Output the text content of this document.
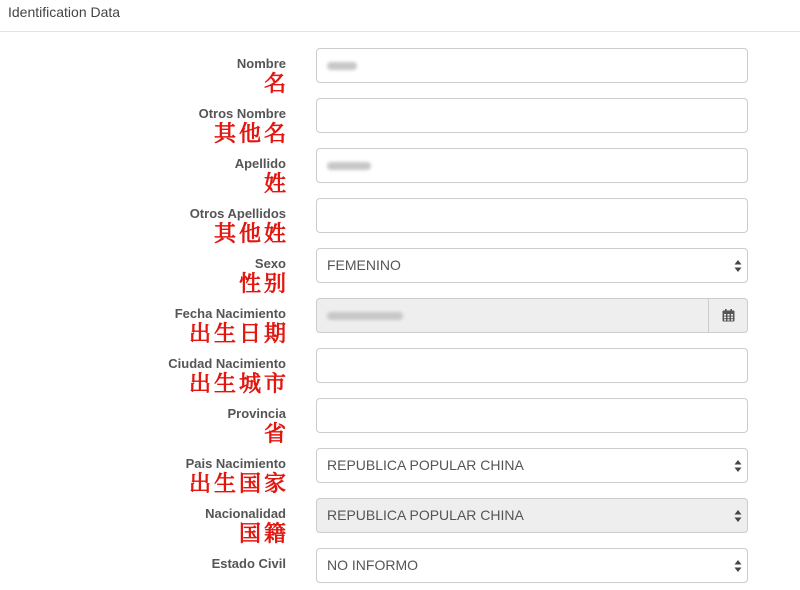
Identification Data
Nombre
名
Otros Nombre
其他名
Apellido
姓
Otros Apellidos
其他姓
Sexo
性别
FEMENINO
Fecha Nacimiento
出生日期
Ciudad Nacimiento
出生城市
Provincia
省
Pais Nacimiento
出生国家
REPUBLICA POPULAR CHINA
Nacionalidad
国籍
REPUBLICA POPULAR CHINA
Estado Civil	NO INFORMO
